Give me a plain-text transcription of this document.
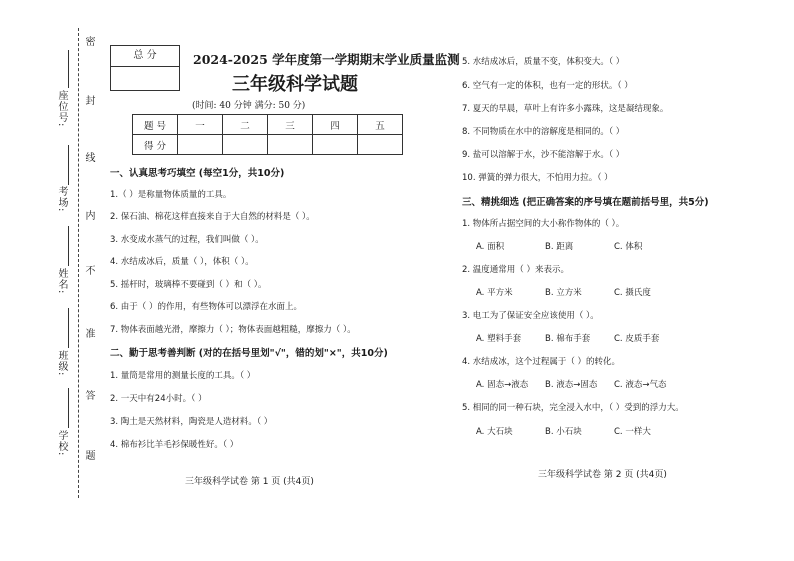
密
封
线
内
不
准
答
题
学校:
班级:
姓名:
考场:
座位号:
总 分	2024-2025 学年度第一学期期末学业质量监测
三年级科学试题
(时间: 40 分钟 满分: 50 分)
题 号	一	二	三	四	五
得 分					
一、认真思考巧填空 (每空1分，共10分)
1.（ ）是称量物体质量的工具。
2. 保石油、棉花这样直接来自于大自然的材料是（ ）。
3. 水变成水蒸气的过程，我们叫做（ ）。
4. 水结成冰后，质量（ ），体积（ ）。
5. 摇杆时，玻璃棒不要碰到（ ）和（ ）。
6. 由于（ ）的作用，有些物体可以漂浮在水面上。
7. 物体表面越光滑，摩擦力（ ）；物体表面越粗糙，摩擦力（ ）。
二、勤于思考善判断 (对的在括号里划"√"，错的划"×"，共10分)
1. 量筒是常用的测量长度的工具。（ ）
2. 一天中有24小时。（ ）
3. 陶土是天然材料，陶瓷是人造材料。（ ）
4. 棉布衫比羊毛衫保暖性好。（ ）
三年级科学试卷 第 1 页 (共4页)
5. 水结成冰后，质量不变，体积变大。（ ）
6. 空气有一定的体积，也有一定的形状。（ ）
7. 夏天的早晨，草叶上有许多小露珠，这是凝结现象。
8. 不同物质在水中的溶解度是相同的。（ ）
9. 盐可以溶解于水，沙不能溶解于水。（ ）
10. 弹簧的弹力很大，不怕用力拉。（ ）
三、精挑细选 (把正确答案的序号填在题前括号里，共5分)
1. 物体所占据空间的大小称作物体的（ ）。
A. 面积	B. 距离	C. 体积
2. 温度通常用（ ）来表示。
A. 平方米	B. 立方米	C. 摄氏度
3. 电工为了保证安全应该使用（ ）。
A. 塑料手套	B. 棉布手套	C. 皮质手套
4. 水结成冰，这个过程属于（ ）的转化。
A. 固态→液态 B. 液态→固态 C. 液态→气态
5. 相同的同一种石块，完全浸入水中，（ ）受到的浮力大。
A. 大石块	B. 小石块	C. 一样大
三年级科学试卷 第 2 页 (共4页)
